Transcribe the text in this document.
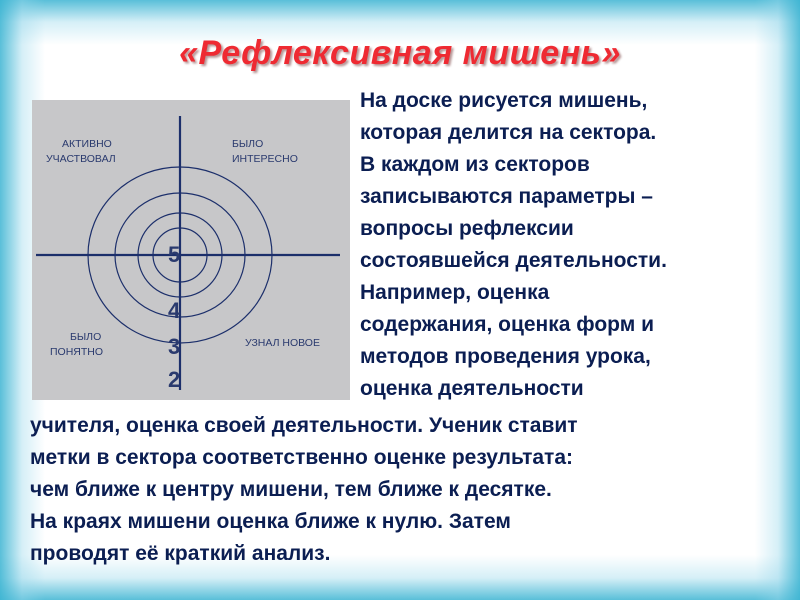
«Рефлексивная мишень»
АКТИВНО
УЧАСТВОВАЛ
БЫЛО
ИНТЕРЕСНО
БЫЛО
ПОНЯТНО
УЗНАЛ НОВОЕ
5
4
3
2

На доске рисуется мишень,
которая делится на сектора.
В каждом из секторов
записываются параметры –
вопросы рефлексии
состоявшейся деятельности.
Например, оценка
содержания, оценка форм и
методов проведения урока,
оценка деятельности

учителя, оценка своей деятельности. Ученик ставит
метки в сектора соответственно оценке результата:
чем ближе к центру мишени, тем ближе к десятке.
На краях мишени оценка ближе к нулю. Затем
проводят её краткий анализ.
